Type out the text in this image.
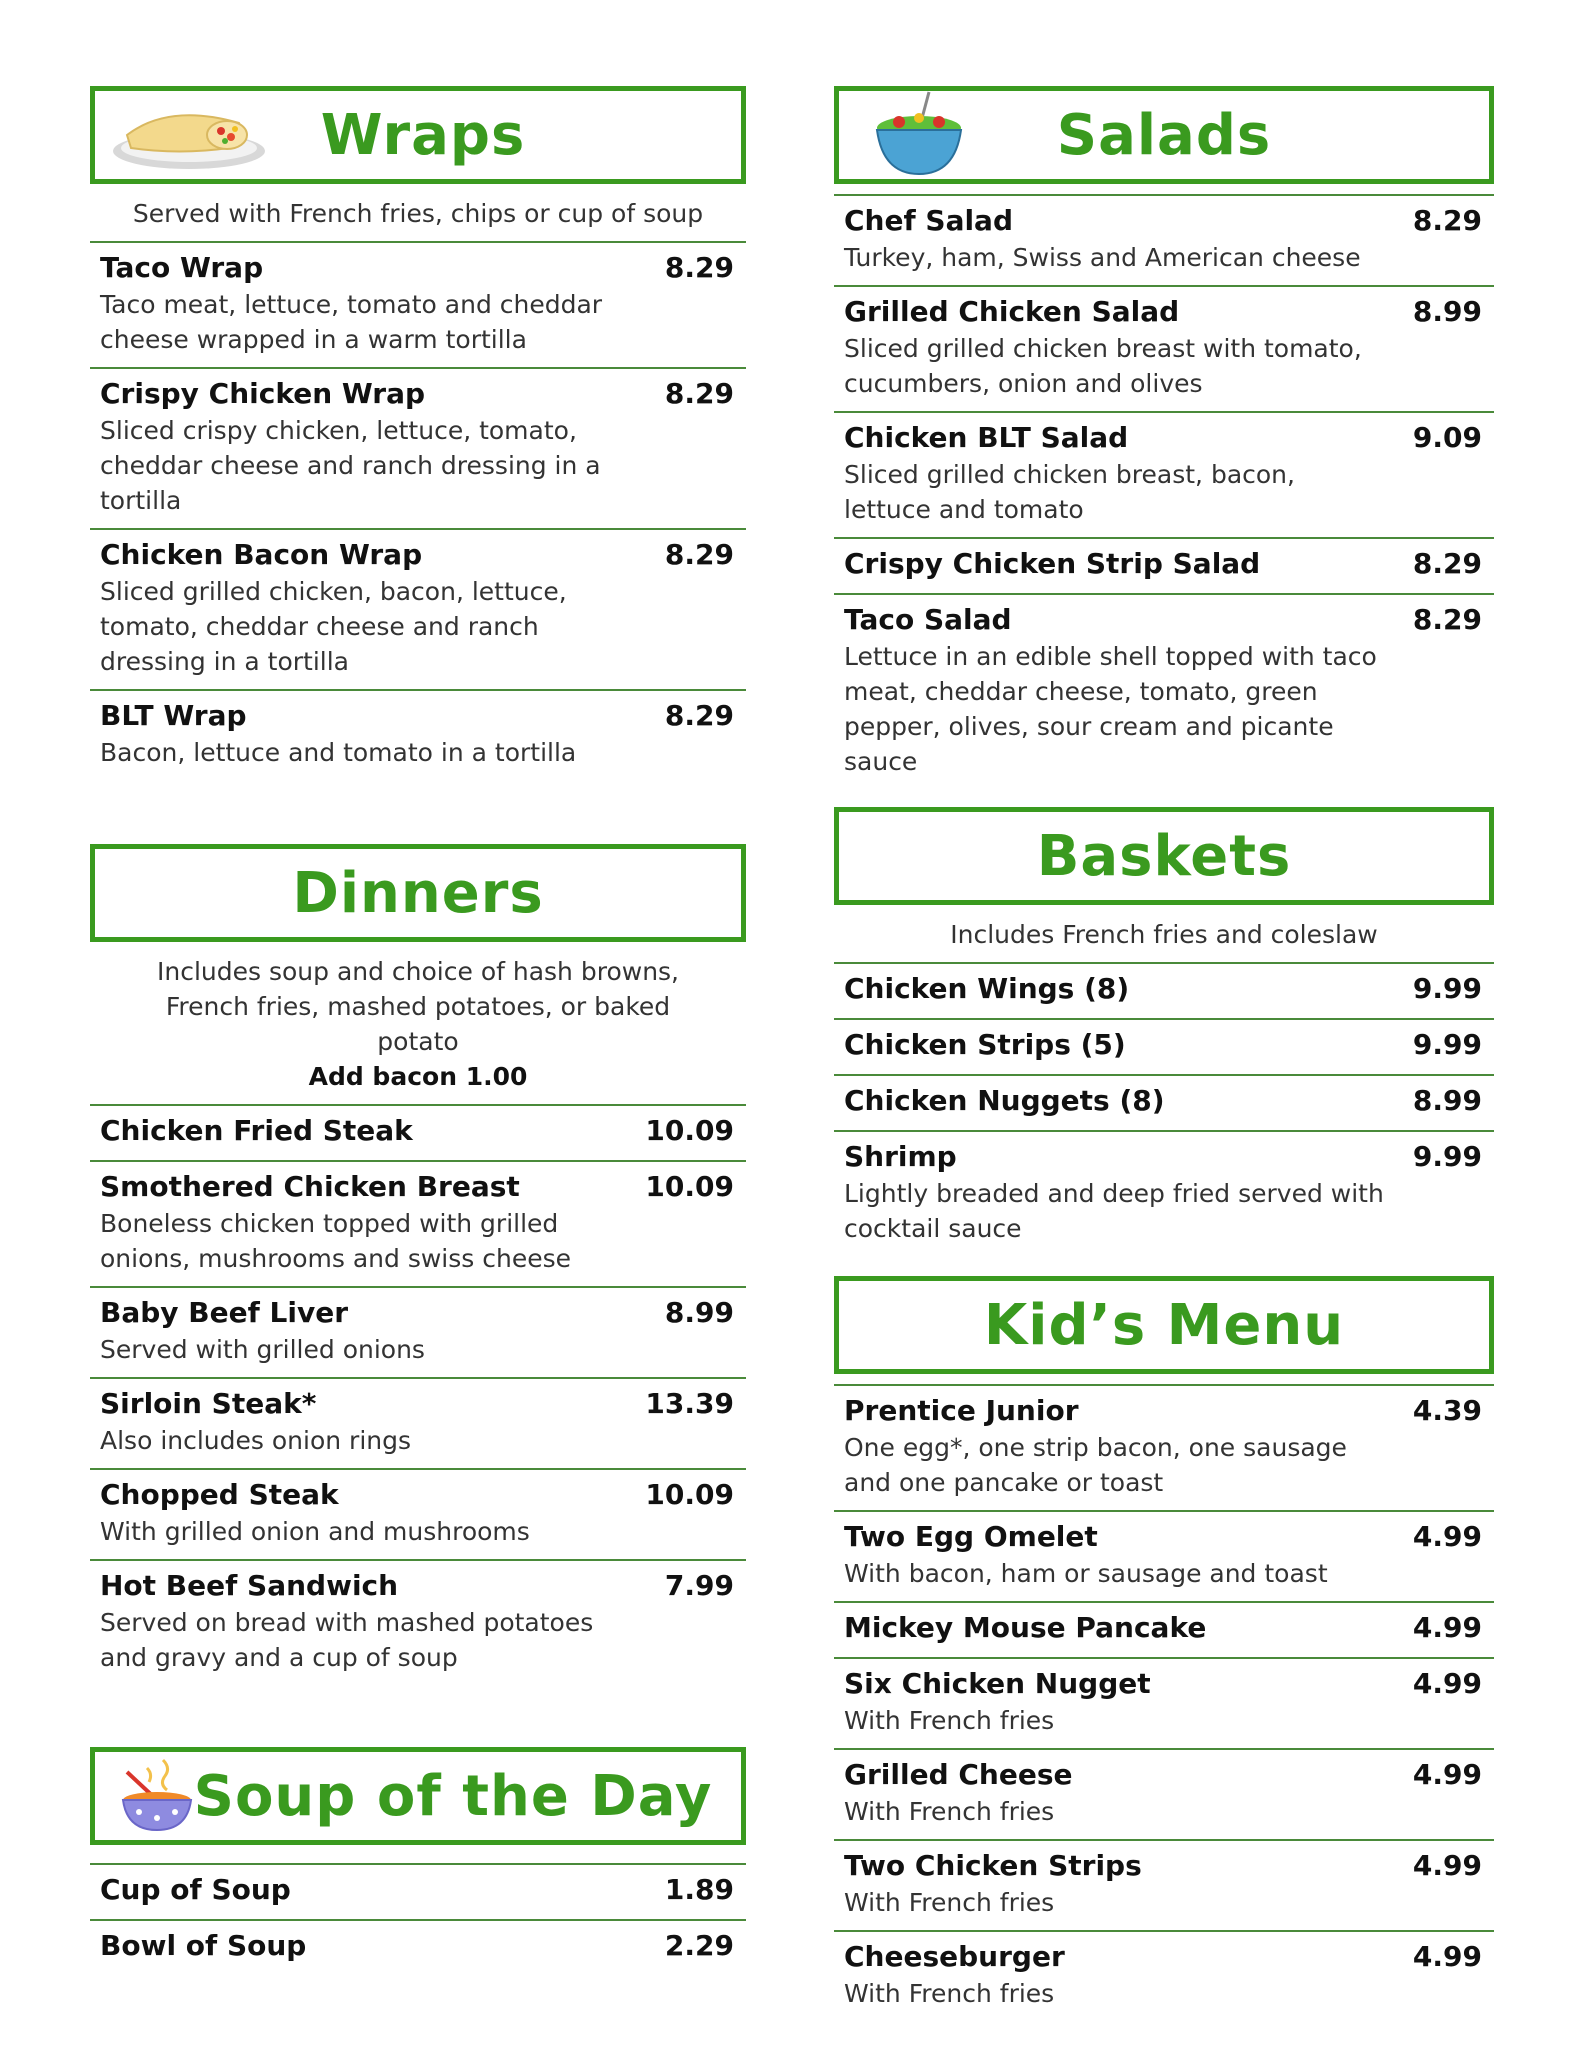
Wraps
Served with French fries, chips or cup of soup
Taco Wrap	8.29
Taco meat, lettuce, tomato and cheddar cheese wrapped in a warm tortilla
Crispy Chicken Wrap	8.29
Sliced crispy chicken, lettuce, tomato, cheddar cheese and ranch dressing in a tortilla
Chicken Bacon Wrap	8.29
Sliced grilled chicken, bacon, lettuce, tomato, cheddar cheese and ranch dressing in a tortilla
BLT Wrap	8.29
Bacon, lettuce and tomato in a tortilla
Dinners
Includes soup and choice of hash browns, French fries, mashed potatoes, or baked potato
Add bacon 1.00
Chicken Fried Steak	10.09
Smothered Chicken Breast	10.09
Boneless chicken topped with grilled onions, mushrooms and swiss cheese
Baby Beef Liver	8.99
Served with grilled onions
Sirloin Steak*	13.39
Also includes onion rings
Chopped Steak	10.09
With grilled onion and mushrooms
Hot Beef Sandwich	7.99
Served on bread with mashed potatoes and gravy and a cup of soup
Soup of the Day
Cup of Soup	1.89
Bowl of Soup	2.29
Salads
Chef Salad	8.29
Turkey, ham, Swiss and American cheese
Grilled Chicken Salad	8.99
Sliced grilled chicken breast with tomato, cucumbers, onion and olives
Chicken BLT Salad	9.09
Sliced grilled chicken breast, bacon, lettuce and tomato
Crispy Chicken Strip Salad	8.29
Taco Salad	8.29
Lettuce in an edible shell topped with taco meat, cheddar cheese, tomato, green pepper, olives, sour cream and picante sauce
Baskets
Includes French fries and coleslaw
Chicken Wings (8)	9.99
Chicken Strips (5)	9.99
Chicken Nuggets (8)	8.99
Shrimp	9.99
Lightly breaded and deep fried served with cocktail sauce
Kid’s Menu
Prentice Junior	4.39
One egg*, one strip bacon, one sausage and one pancake or toast
Two Egg Omelet	4.99
With bacon, ham or sausage and toast
Mickey Mouse Pancake	4.99
Six Chicken Nugget	4.99
With French fries
Grilled Cheese	4.99
With French fries
Two Chicken Strips	4.99
With French fries
Cheeseburger	4.99
With French fries
